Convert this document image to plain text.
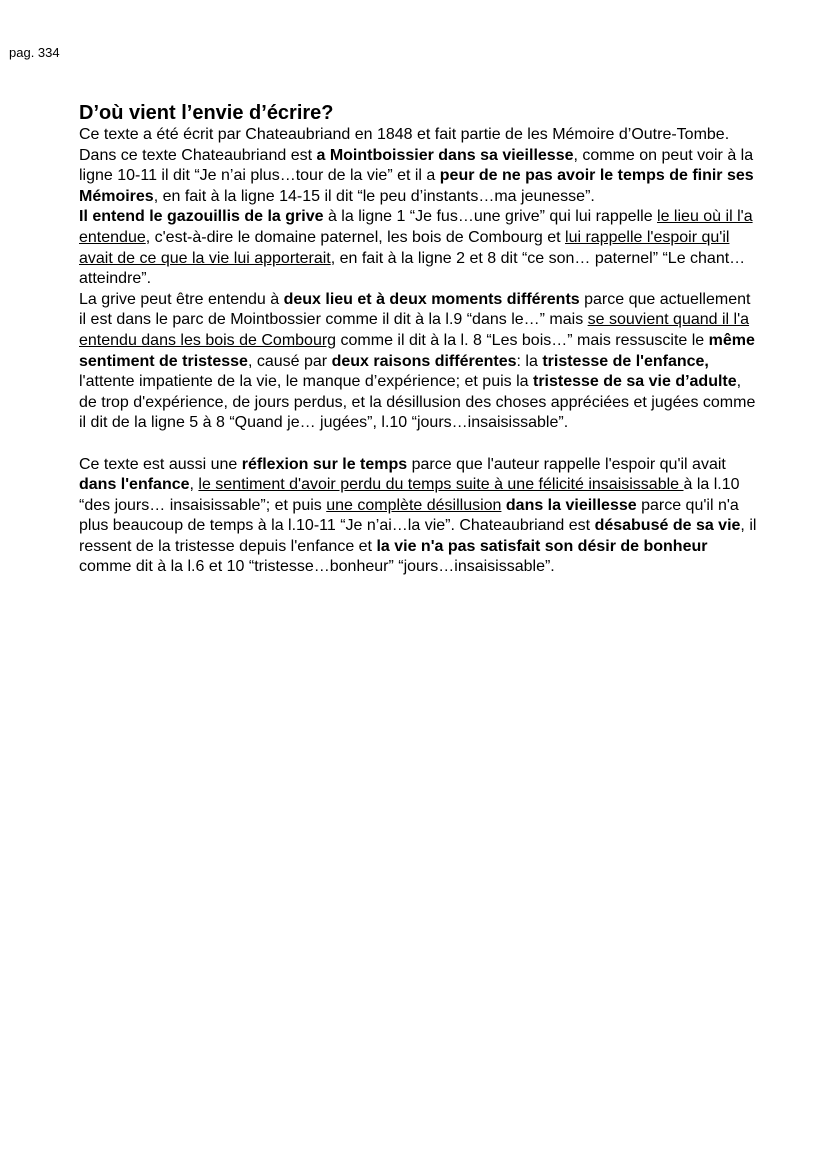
pag. 334
D’où vient l’envie d’écrire?

Ce texte a été écrit par Chateaubriand en 1848 et fait partie de les Mémoire d’Outre-Tombe.

Dans ce texte Chateaubriand est a Mointboissier dans sa vieillesse, comme on peut voir à la ligne 10-11 il dit “Je n’ai plus…tour de la vie” et il a peur de ne pas avoir le temps de finir ses Mémoires, en fait à la ligne 14-15 il dit “le peu d’instants…ma jeunesse”.

Il entend le gazouillis de la grive à la ligne 1 “Je fus…une grive” qui lui rappelle le lieu où il l'a entendue, c'est-à-dire le domaine paternel, les bois de Combourg et lui rappelle l'espoir qu'il avait de ce que la vie lui apporterait, en fait à la ligne 2 et 8 dit “ce son… paternel” “Le chant…atteindre”.

La grive peut être entendu à deux lieu et à deux moments différents parce que actuellement il est dans le parc de Mointbossier comme il dit à la l.9 “dans le…” mais se souvient quand il l'a entendu dans les bois de Combourg comme il dit à la l. 8 “Les bois…” mais ressuscite le même sentiment de tristesse, causé par deux raisons différentes: la tristesse de l'enfance, l'attente impatiente de la vie, le manque d’expérience; et puis la tristesse de sa vie d’adulte, de trop d'expérience, de jours perdus, et la désillusion des choses appréciées et jugées comme il dit de la ligne 5 à 8 “Quand je… jugées”, l.10 “jours…insaisissable”.

Ce texte est aussi une réflexion sur le temps parce que l'auteur rappelle l'espoir qu'il avait dans l'enfance, le sentiment d'avoir perdu du temps suite à une félicité insaisissable à la l.10 “des jours… insaisissable”; et puis une complète désillusion dans la vieillesse parce qu'il n'a plus beaucoup de temps à la l.10-11 “Je n’ai…la vie”. Chateaubriand est désabusé de sa vie, il ressent de la tristesse depuis l'enfance et la vie n'a pas satisfait son désir de bonheur comme dit à la l.6 et 10 “tristesse…bonheur” “jours…insaisissable”.
